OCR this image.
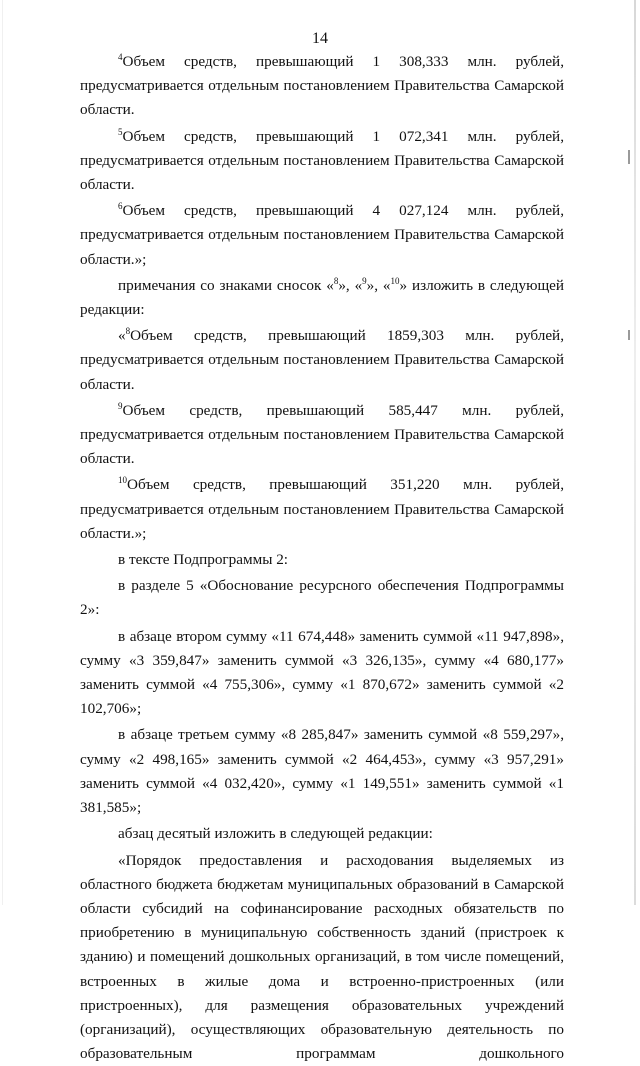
14

$^4$Объем средств, превышающий 1 308,333 млн. рублей, предусматривается отдельным постановлением Правительства Самарской области.

$^5$Объем средств, превышающий 1 072,341 млн. рублей, предусматривается отдельным постановлением Правительства Самарской области.

$^6$Объем средств, превышающий 4 027,124 млн. рублей, предусматривается отдельным постановлением Правительства Самарской области.»;

примечания со знаками сносок «$^8$», «$^9$», «$^{10}$» изложить в следующей редакции:

«$^8$Объем средств, превышающий 1859,303 млн. рублей, предусматривается отдельным постановлением Правительства Самарской области.

$^9$Объем средств, превышающий 585,447 млн. рублей, предусматривается отдельным постановлением Правительства Самарской области.

$^{10}$Объем средств, превышающий 351,220 млн. рублей, предусматривается отдельным постановлением Правительства Самарской области.»;

в тексте Подпрограммы 2:

в разделе 5 «Обоснование ресурсного обеспечения Подпрограммы 2»:

в абзаце втором сумму «11 674,448» заменить суммой «11 947,898», сумму «3 359,847» заменить суммой «3 326,135», сумму «4 680,177» заменить суммой «4 755,306», сумму «1 870,672» заменить суммой «2 102,706»;

в абзаце третьем сумму «8 285,847» заменить суммой «8 559,297», сумму «2 498,165» заменить суммой «2 464,453», сумму «3 957,291» заменить суммой «4 032,420», сумму «1 149,551» заменить суммой «1 381,585»;

абзац десятый изложить в следующей редакции:

«Порядок предоставления и расходования выделяемых из областного бюджета бюджетам муниципальных образований в Самарской области субсидий на софинансирование расходных обязательств по приобретению в муниципальную собственность зданий (пристроек к зданию) и помещений дошкольных организаций, в том числе помещений, встроенных в жилые дома и встроенно-пристроенных (или пристроенных), для размещения образовательных учреждений (организаций), осуществляющих образовательную деятельность по образовательным программам дошкольного
